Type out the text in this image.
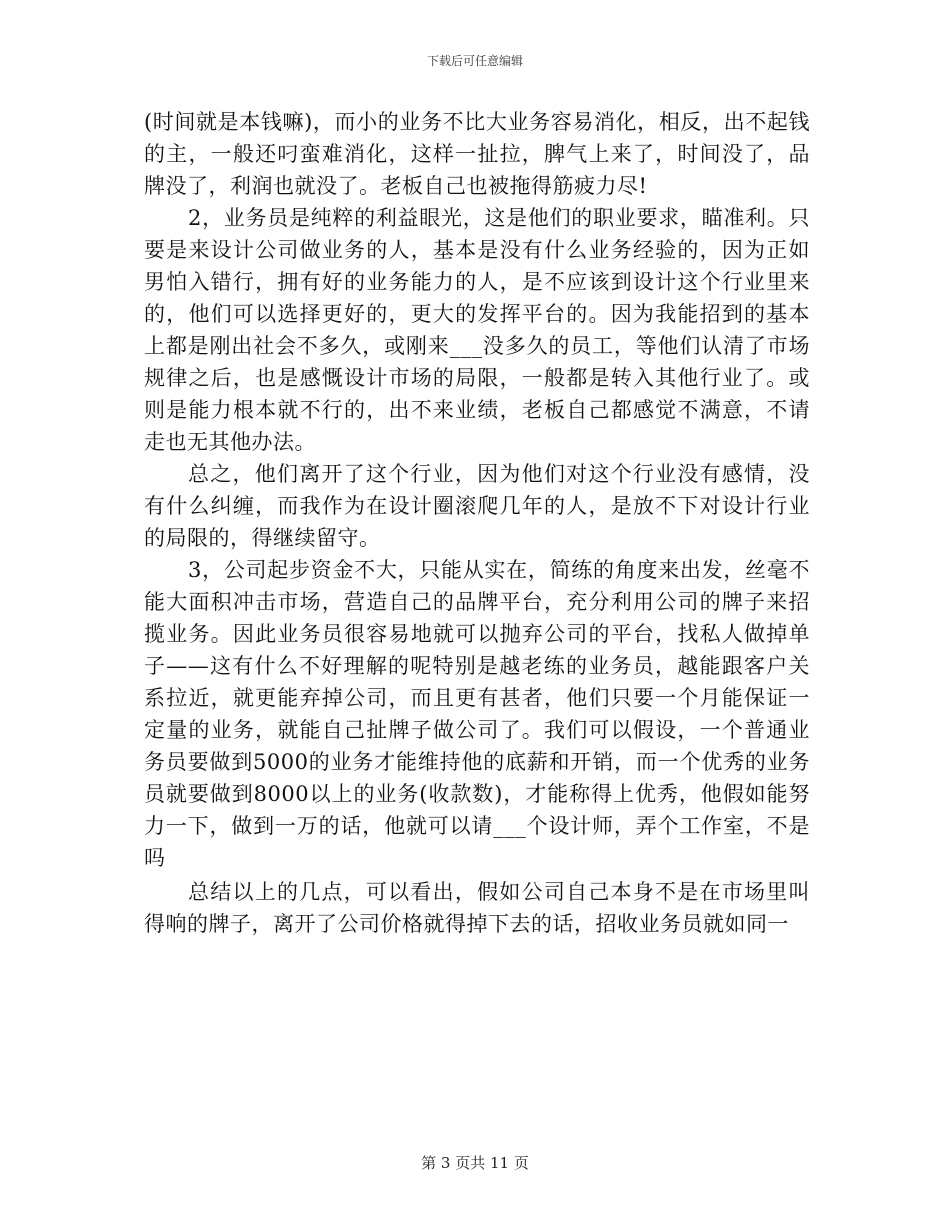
下载后可任意编辑

(时间就是本钱嘛)，而小的业务不比大业务容易消化，相反，出不起钱的主，一般还叼蛮难消化，这样一扯拉，脾气上来了，时间没了，品牌没了，利润也就没了。老板自己也被拖得筋疲力尽!

2，业务员是纯粹的利益眼光，这是他们的职业要求，瞄准利。只要是来设计公司做业务的人，基本是没有什么业务经验的，因为正如男怕入错行，拥有好的业务能力的人，是不应该到设计这个行业里来的，他们可以选择更好的，更大的发挥平台的。因为我能招到的基本上都是刚出社会不多久，或刚来___没多久的员工，等他们认清了市场规律之后，也是感慨设计市场的局限，一般都是转入其他行业了。或则是能力根本就不行的，出不来业绩，老板自己都感觉不满意，不请走也无其他办法。

总之，他们离开了这个行业，因为他们对这个行业没有感情，没有什么纠缠，而我作为在设计圈滚爬几年的人，是放不下对设计行业的局限的，得继续留守。

3，公司起步资金不大，只能从实在，简练的角度来出发，丝毫不能大面积冲击市场，营造自己的品牌平台，充分利用公司的牌子来招揽业务。因此业务员很容易地就可以抛弃公司的平台，找私人做掉单子——这有什么不好理解的呢特别是越老练的业务员，越能跟客户关系拉近，就更能弃掉公司，而且更有甚者，他们只要一个月能保证一定量的业务，就能自己扯牌子做公司了。我们可以假设，一个普通业务员要做到5000的业务才能维持他的底薪和开销，而一个优秀的业务员就要做到8000以上的业务(收款数)，才能称得上优秀，他假如能努力一下，做到一万的话，他就可以请___个设计师，弄个工作室，不是吗

总结以上的几点，可以看出，假如公司自己本身不是在市场里叫得响的牌子，离开了公司价格就得掉下去的话，招收业务员就如同一

第 3 页共 11 页
